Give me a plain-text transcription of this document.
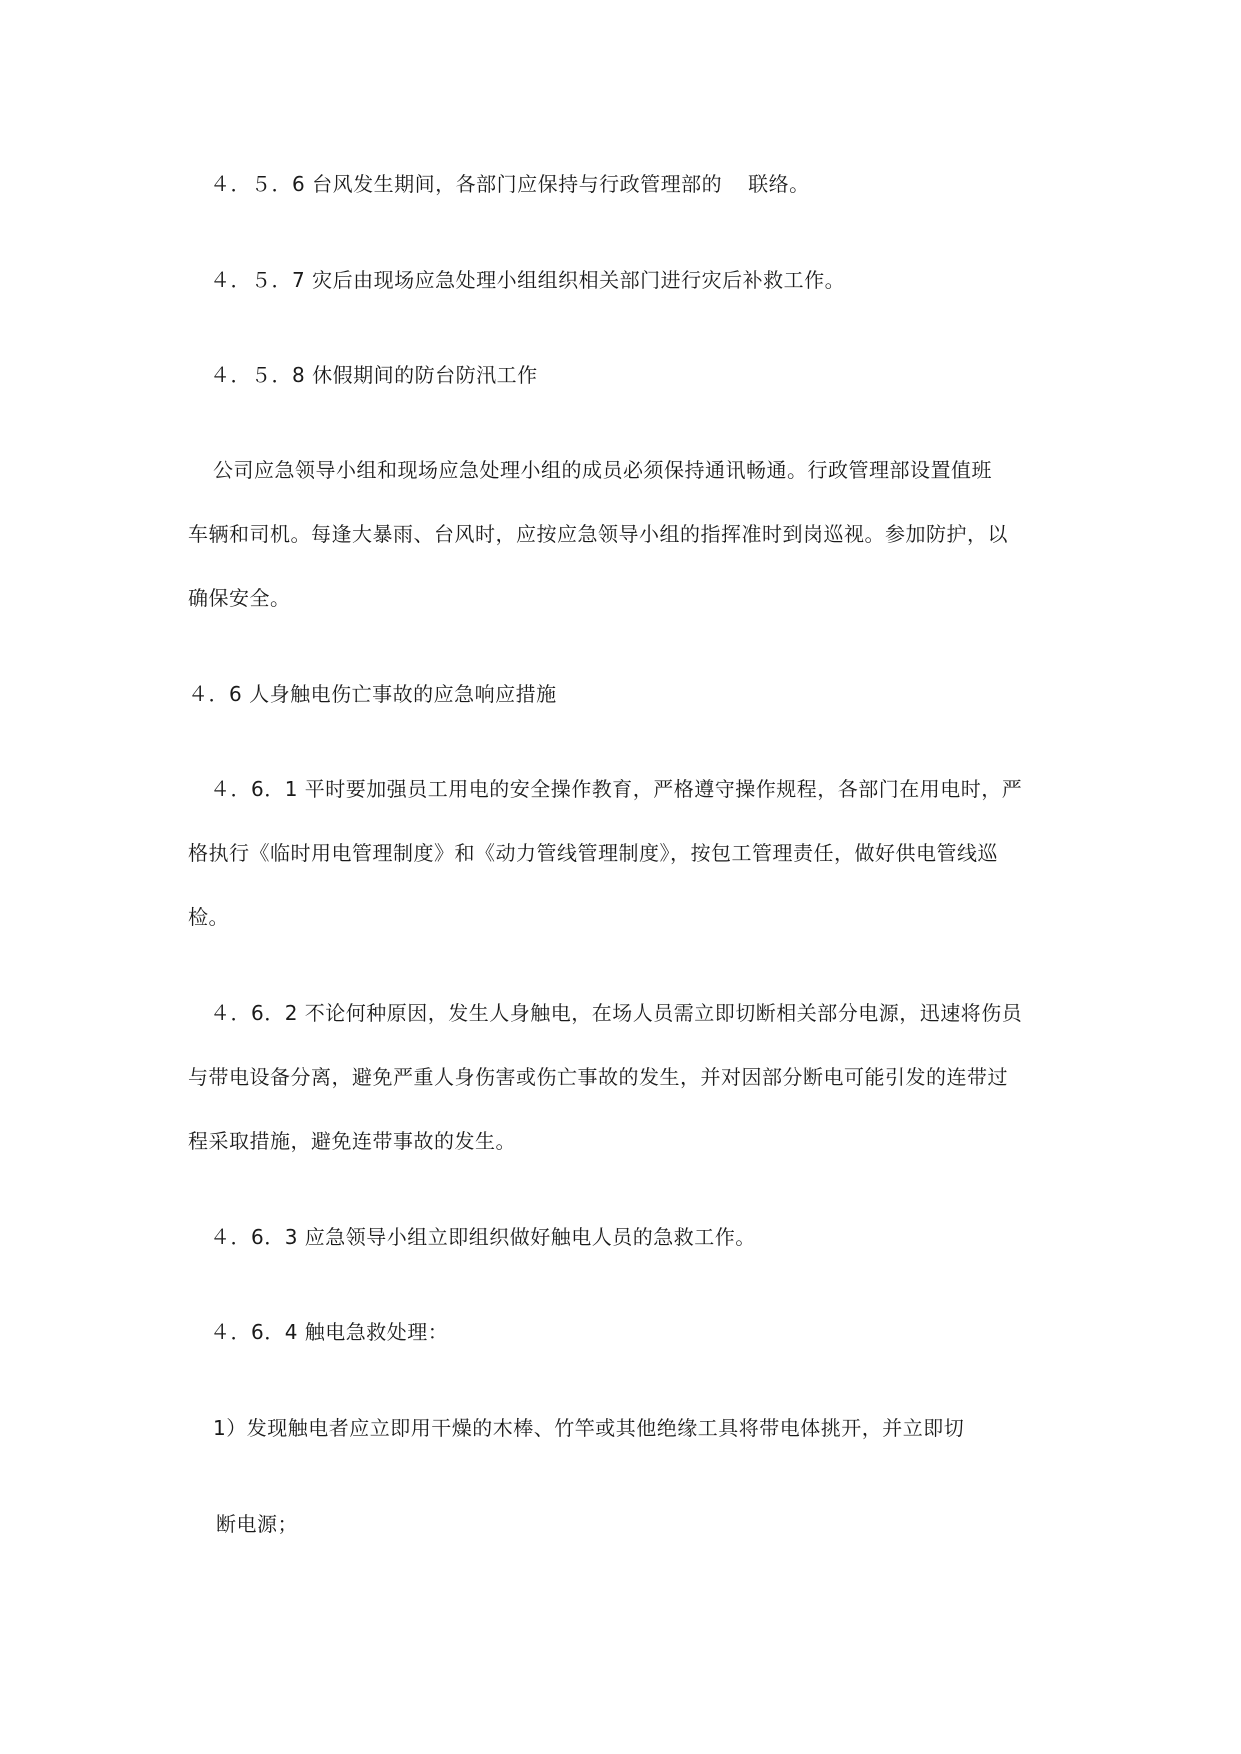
４．５．6 台风发生期间，各部门应保持与行政管理部的 联络。
４．５．7 灾后由现场应急处理小组组织相关部门进行灾后补救工作。
４．５．8 休假期间的防台防汛工作
公司应急领导小组和现场应急处理小组的成员必须保持通讯畅通。行政管理部设置值班
车辆和司机。每逢大暴雨、台风时，应按应急领导小组的指挥准时到岗巡视。参加防护，以
确保安全。
４．6 人身触电伤亡事故的应急响应措施
４．6．1 平时要加强员工用电的安全操作教育，严格遵守操作规程，各部门在用电时，严
格执行《临时用电管理制度》和《动力管线管理制度》，按包工管理责任，做好供电管线巡
检。
４．6．2 不论何种原因，发生人身触电，在场人员需立即切断相关部分电源，迅速将伤员
与带电设备分离，避免严重人身伤害或伤亡事故的发生，并对因部分断电可能引发的连带过
程采取措施，避免连带事故的发生。
４．6．3 应急领导小组立即组织做好触电人员的急救工作。
４．6．4 触电急救处理：
1）发现触电者应立即用干燥的木棒、竹竿或其他绝缘工具将带电体挑开，并立即切
断电源；
